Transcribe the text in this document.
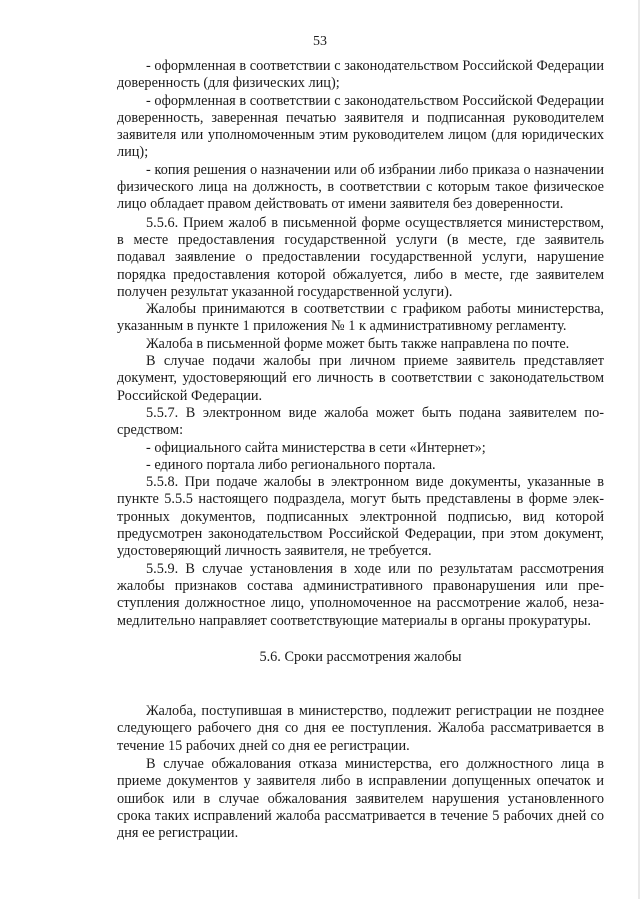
53

- оформленная в соответствии с законодательством Российской Федерации доверенность (для физических лиц);

- оформленная в соответствии с законодательством Российской Федерации доверенность, заверенная печатью заявителя и подписанная руководителем заявителя или уполномоченным этим руководителем лицом (для юридических лиц);

- копия решения о назначении или об избрании либо приказа о назначении физического лица на должность, в соответствии с которым такое физическое лицо обладает правом действовать от имени заявителя без доверенности.

5.5.6. Прием жалоб в письменной форме осуществляется министерством, в месте предоставления государственной услуги (в месте, где заявитель подавал заявление о предоставлении государственной услуги, нарушение порядка предоставления которой обжалуется, либо в месте, где заявителем получен результат указанной государственной услуги).

Жалобы принимаются в соответствии с графиком работы министерства, указанным в пункте 1 приложения № 1 к административному регламенту.

Жалоба в письменной форме может быть также направлена по почте.

В случае подачи жалобы при личном приеме заявитель представляет документ, удостоверяющий его личность в соответствии с законодательством Российской Федерации.

5.5.7. В электронном виде жалоба может быть подана заявителем посредством:

- официального сайта министерства в сети «Интернет»;

- единого портала либо регионального портала.

5.5.8. При подаче жалобы в электронном виде документы, указанные в пункте 5.5.5 настоящего подраздела, могут быть представлены в форме электронных документов, подписанных электронной подписью, вид которой предусмотрен законодательством Российской Федерации, при этом документ, удостоверяющий личность заявителя, не требуется.

5.5.9. В случае установления в ходе или по результатам рассмотрения жалобы признаков состава административного правонарушения или преступления должностное лицо, уполномоченное на рассмотрение жалоб, незамедлительно направляет соответствующие материалы в органы прокуратуры.

5.6. Сроки рассмотрения жалобы

Жалоба, поступившая в министерство, подлежит регистрации не позднее следующего рабочего дня со дня ее поступления. Жалоба рассматривается в течение 15 рабочих дней со дня ее регистрации.

В случае обжалования отказа министерства, его должностного лица в приеме документов у заявителя либо в исправлении допущенных опечаток и ошибок или в случае обжалования заявителем нарушения установленного срока таких исправлений жалоба рассматривается в течение 5 рабочих дней со дня ее регистрации.
